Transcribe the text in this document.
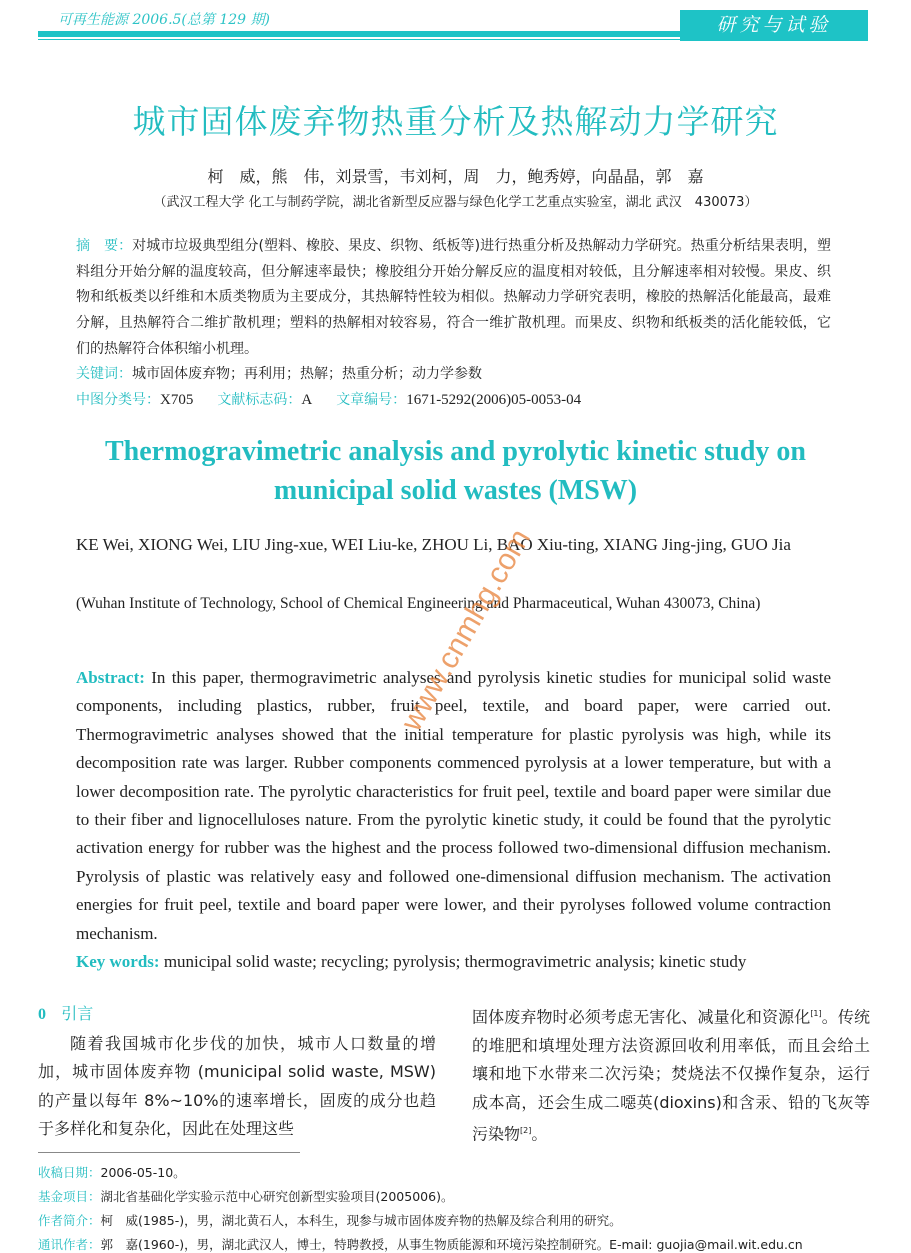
可再生能源 2006.5(总第 129 期)	研究与试验
城市固体废弃物热重分析及热解动力学研究
柯　威，熊　伟，刘景雪，韦刘柯，周　力，鲍秀婷，向晶晶，郭　嘉
（武汉工程大学 化工与制药学院，湖北省新型反应器与绿色化学工艺重点实验室，湖北 武汉　430073）
摘　要：对城市垃圾典型组分(塑料、橡胶、果皮、织物、纸板等)进行热重分析及热解动力学研究。热重分析结果表明，塑料组分开始分解的温度较高，但分解速率最快；橡胶组分开始分解反应的温度相对较低，且分解速率相对较慢。果皮、织物和纸板类以纤维和木质类物质为主要成分，其热解特性较为相似。热解动力学研究表明，橡胶的热解活化能最高，最难分解，且热解符合二维扩散机理；塑料的热解相对较容易，符合一维扩散机理。而果皮、织物和纸板类的活化能较低，它们的热解符合体积缩小机理。
关键词：城市固体废弃物；再利用；热解；热重分析；动力学参数
中图分类号：X705 文献标志码：A 文章编号：1671-5292(2006)05-0053-04
Thermogravimetric analysis and pyrolytic kinetic study on municipal solid wastes (MSW)
KE Wei, XIONG Wei, LIU Jing-xue, WEI Liu-ke, ZHOU Li, BAO Xiu-ting, XIANG Jing-jing, GUO Jia
(Wuhan Institute of Technology, School of Chemical Engineering and Pharmaceutical, Wuhan 430073, China)
Abstract: In this paper, thermogravimetric analyses and pyrolysis kinetic studies for municipal solid waste components, including plastics, rubber, fruit peel, textile, and board paper, were carried out. Thermogravimetric analyses showed that the initial temperature for plastic pyrolysis was high, while its decomposition rate was larger. Rubber components commenced pyrolysis at a lower temperature, but with a lower decomposition rate. The pyrolytic characteristics for fruit peel, textile and board paper were similar due to their fiber and lignocelluloses nature. From the pyrolytic kinetic study, it could be found that the pyrolytic activation energy for rubber was the highest and the process followed two-dimensional diffusion mechanism. Pyrolysis of plastic was relatively easy and followed one-dimensional diffusion mechanism. The activation energies for fruit peel, textile and board paper were lower, and their pyrolyses followed volume contraction mechanism.
Key words: municipal solid waste; recycling; pyrolysis; thermogravimetric analysis; kinetic study
www.cnmhg.com
0 引言
随着我国城市化步伐的加快，城市人口数量的增加，城市固体废弃物 (municipal solid waste, MSW)的产量以每年 8%~10%的速率增长，固废的成分也趋于多样化和复杂化，因此在处理这些
固体废弃物时必须考虑无害化、减量化和资源化[1]。传统的堆肥和填埋处理方法资源回收利用率低，而且会给土壤和地下水带来二次污染；焚烧法不仅操作复杂，运行成本高，还会生成二噁英(dioxins)和含汞、铅的飞灰等污染物[2]。
收稿日期：2006-05-10。
基金项目：湖北省基础化学实验示范中心研究创新型实验项目(2005006)。
作者简介：柯　威(1985-)，男，湖北黄石人，本科生，现参与城市固体废弃物的热解及综合利用的研究。
通讯作者：郭　嘉(1960-)，男，湖北武汉人，博士，特聘教授，从事生物质能源和环境污染控制研究。E-mail: guojia@mail.wit.edu.cn
